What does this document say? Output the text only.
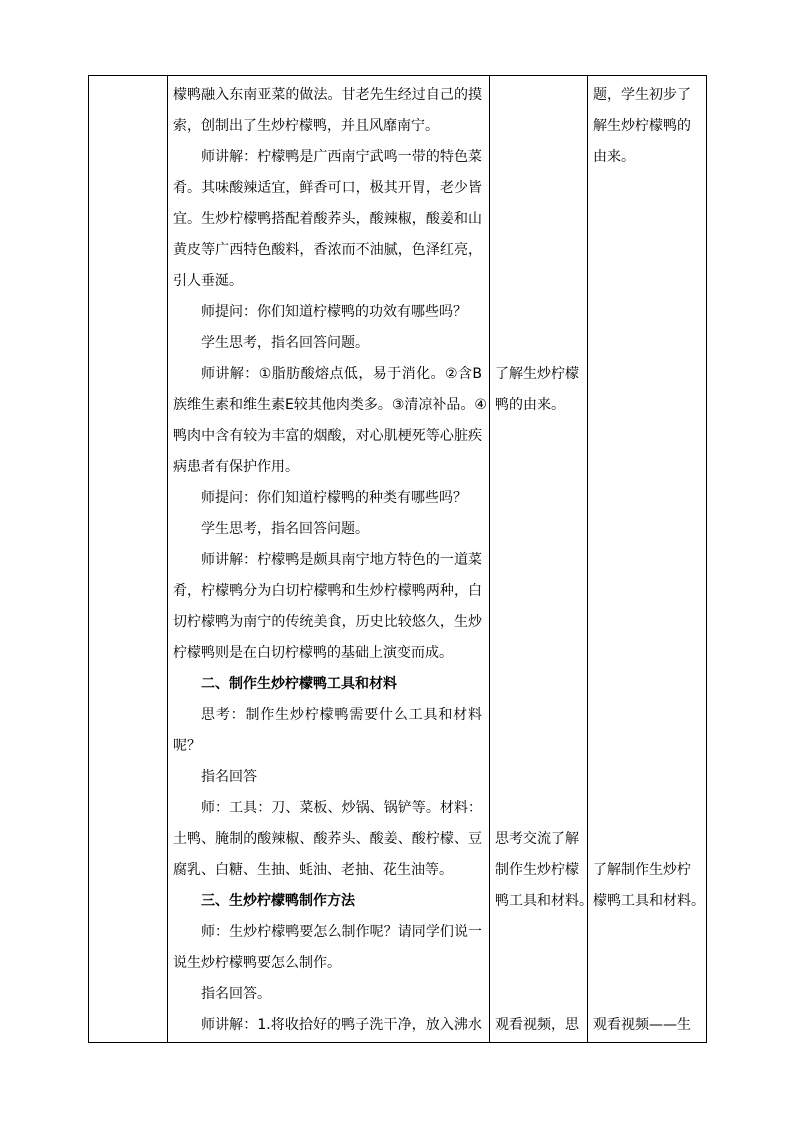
檬鸭融入东南亚菜的做法。甘老先生经过自己的摸
索，创制出了生炒柠檬鸭，并且风靡南宁。
师讲解：柠檬鸭是广西南宁武鸣一带的特色菜
肴。其味酸辣适宜，鲜香可口，极其开胃，老少皆
宜。生炒柠檬鸭搭配着酸荞头，酸辣椒，酸姜和山
黄皮等广西特色酸料，香浓而不油腻，色泽红亮，
引人垂涎。
师提问：你们知道柠檬鸭的功效有哪些吗？
学生思考，指名回答问题。
师讲解：①脂肪酸熔点低，易于消化。②含B
族维生素和维生素E较其他肉类多。③清凉补品。④
鸭肉中含有较为丰富的烟酸，对心肌梗死等心脏疾
病患者有保护作用。
师提问：你们知道柠檬鸭的种类有哪些吗？
学生思考，指名回答问题。
师讲解：柠檬鸭是颇具南宁地方特色的一道菜
肴，柠檬鸭分为白切柠檬鸭和生炒柠檬鸭两种，白
切柠檬鸭为南宁的传统美食，历史比较悠久，生炒
柠檬鸭则是在白切柠檬鸭的基础上演变而成。
二、制作生炒柠檬鸭工具和材料
思考：制作生炒柠檬鸭需要什么工具和材料
呢？
指名回答
师：工具：刀、菜板、炒锅、锅铲等。材料：
土鸭、腌制的酸辣椒、酸荞头、酸姜、酸柠檬、豆
腐乳、白糖、生抽、蚝油、老抽、花生油等。
三、生炒柠檬鸭制作方法
师：生炒柠檬鸭要怎么制作呢？请同学们说一
说生炒柠檬鸭要怎么制作。
指名回答。
师讲解：1.将收拾好的鸭子洗干净，放入沸水
了解生炒柠檬
鸭的由来。
思考交流了解
制作生炒柠檬
鸭工具和材料。
观看视频，思
题，学生初步了
解生炒柠檬鸭的
由来。
了解制作生炒柠
檬鸭工具和材料。
观看视频——生
